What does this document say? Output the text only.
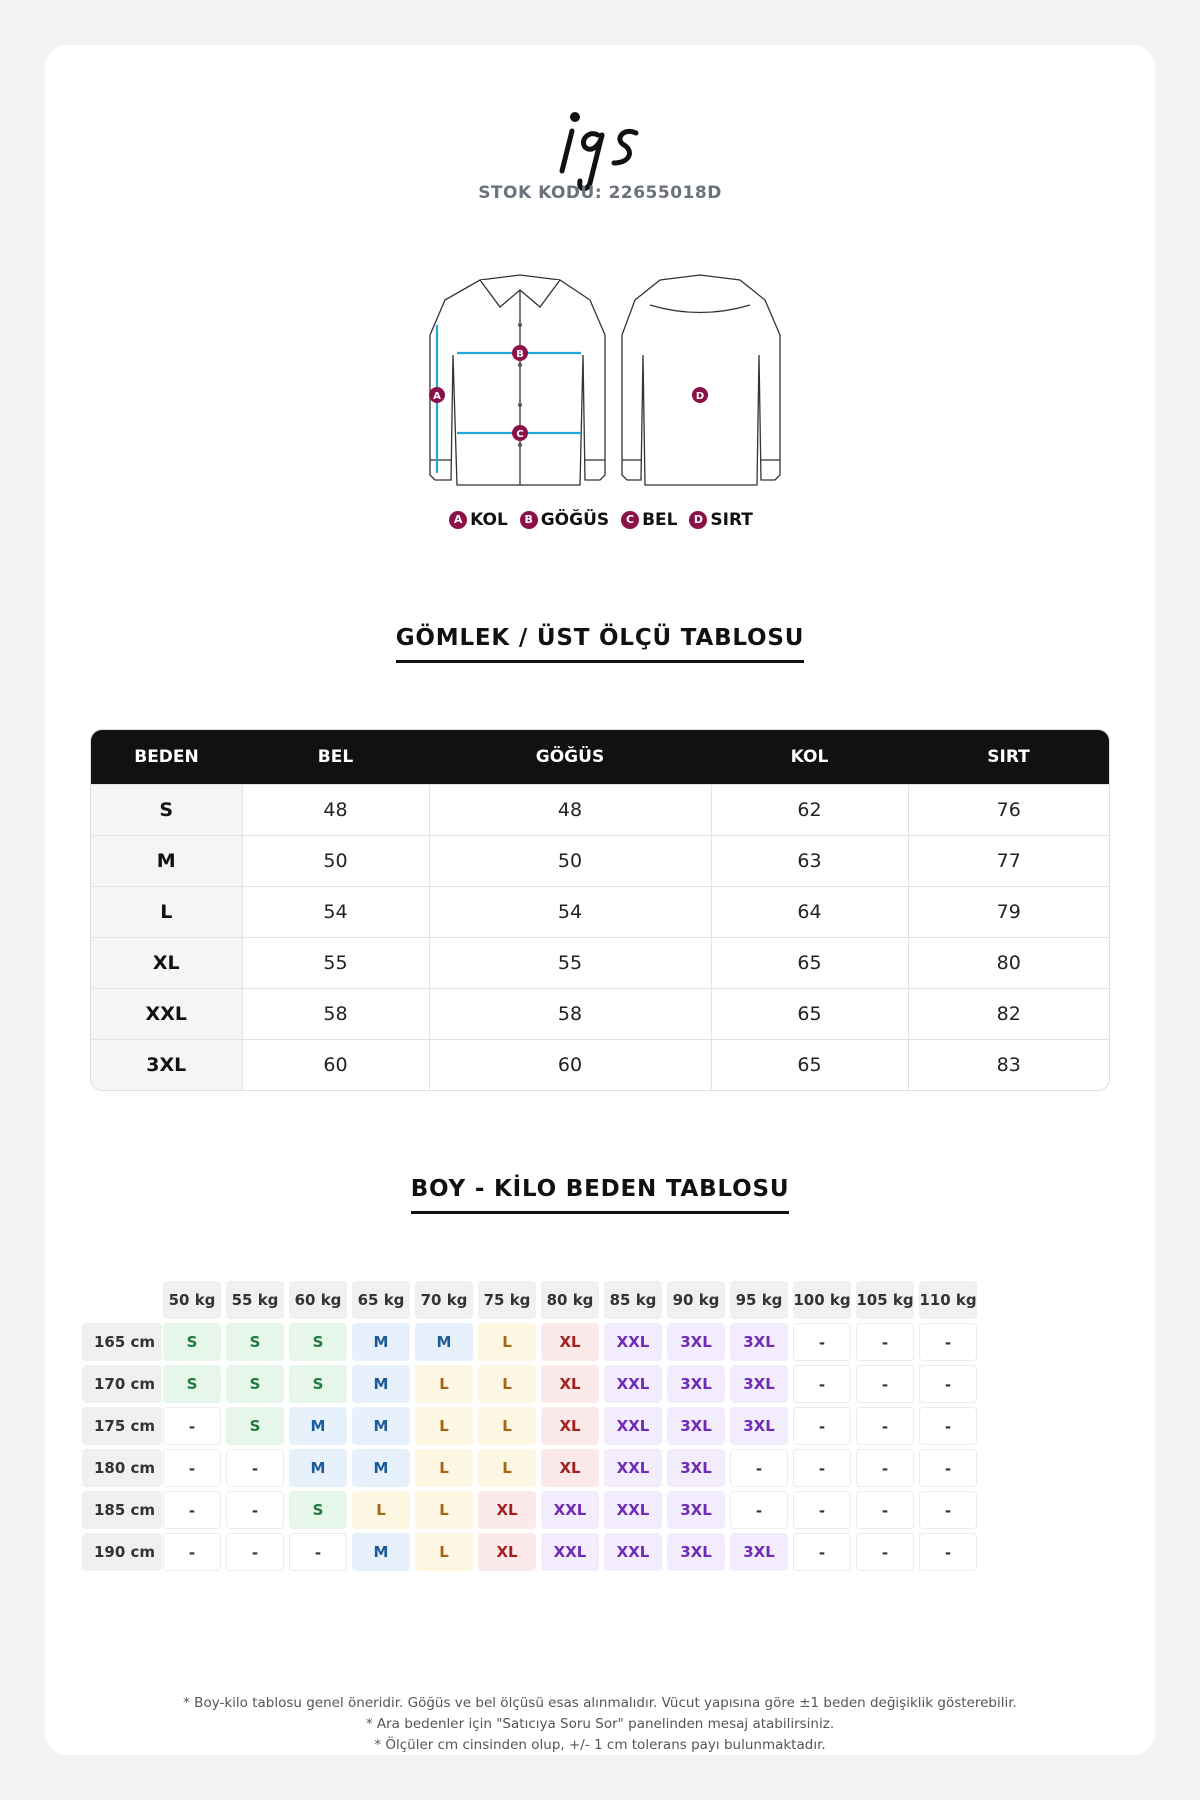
STOK KODU: 22655018D
B
C
A	D
A KOL B GÖĞÜS C BEL D SIRT
GÖMLEK / ÜST ÖLÇÜ TABLOSU
BEDEN	BEL	GÖĞÜS	KOL	SIRT
S	48	48	62	76
M	50	50	63	77
L	54	54	64	79
XL	55	55	65	80
XXL	58	58	65	82
3XL	60	60	65	83
BOY - KİLO BEDEN TABLOSU
50 kg	55 kg	60 kg	65 kg	70 kg	75 kg	80 kg	85 kg	90 kg	95 kg 100 kg 105 kg 110 kg
165 cm	S	S	S	M	M	L	XL	XXL	3XL	3XL	-	-	-
170 cm	S	S	S	M	L	L	XL	XXL	3XL	3XL	-	-	-
175 cm	-	S	M	M	L	L	XL	XXL	3XL	3XL	-	-	-
180 cm	-	-	M	M	L	L	XL	XXL	3XL	-	-	-	-
185 cm	-	-	S	L	L	XL	XXL	XXL	3XL	-	-	-	-
190 cm	-	-	-	M	L	XL	XXL	XXL	3XL	3XL	-	-	-
* Boy-kilo tablosu genel öneridir. Göğüs ve bel ölçüsü esas alınmalıdır. Vücut yapısına göre ±1 beden değişiklik gösterebilir.
* Ara bedenler için "Satıcıya Soru Sor" panelinden mesaj atabilirsiniz.
* Ölçüler cm cinsinden olup, +/- 1 cm tolerans payı bulunmaktadır.
